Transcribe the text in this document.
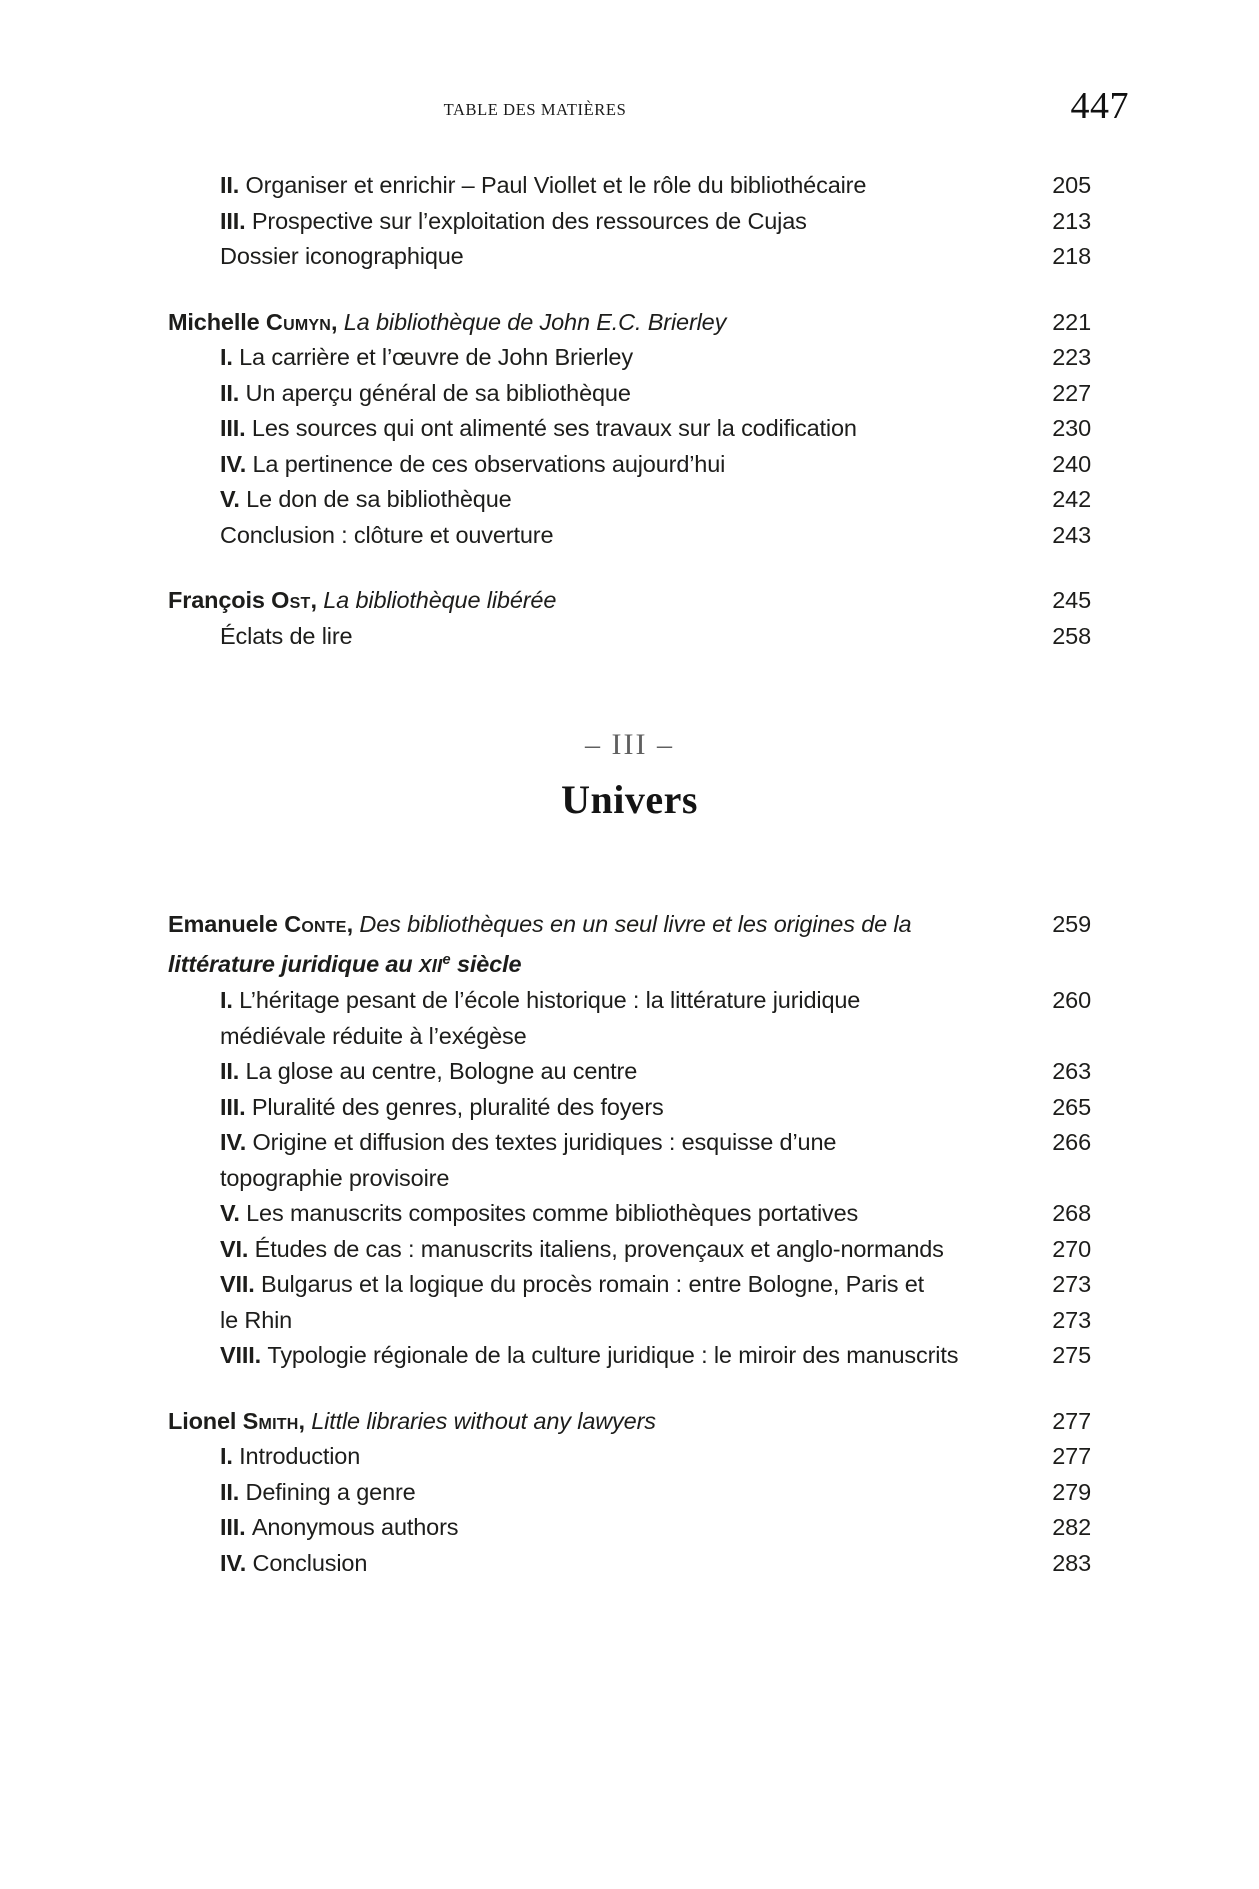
TABLE DES MATIÈRES	447
II. Organiser et enrichir – Paul Viollet et le rôle du bibliothécaire	205
III. Prospective sur l’exploitation des ressources de Cujas	213
Dossier iconographique	218
Michelle Cumyn, La bibliothèque de John E.C. Brierley	221
I. La carrière et l’œuvre de John Brierley	223
II. Un aperçu général de sa bibliothèque	227
III. Les sources qui ont alimenté ses travaux sur la codification	230
IV. La pertinence de ces observations aujourd’hui	240
V. Le don de sa bibliothèque	242
Conclusion : clôture et ouverture	243
François Ost, La bibliothèque libérée	245
Éclats de lire	258
– III –
Univers
Emanuele Conte, Des bibliothèques en un seul livre et les origines de la	259
littérature juridique au XIIe siècle
I. L’héritage pesant de l’école historique : la littérature juridique	260
médiévale réduite à l’exégèse
II. La glose au centre, Bologne au centre	263
III. Pluralité des genres, pluralité des foyers	265
IV. Origine et diffusion des textes juridiques : esquisse d’une	266
topographie provisoire
V. Les manuscrits composites comme bibliothèques portatives	268
VI. Études de cas : manuscrits italiens, provençaux et anglo-normands	270
VII. Bulgarus et la logique du procès romain : entre Bologne, Paris et	273
le Rhin	273
VIII. Typologie régionale de la culture juridique : le miroir des manuscrits	275
Lionel Smith, Little libraries without any lawyers	277
I. Introduction	277
II. Defining a genre	279
III. Anonymous authors	282
IV. Conclusion	283
